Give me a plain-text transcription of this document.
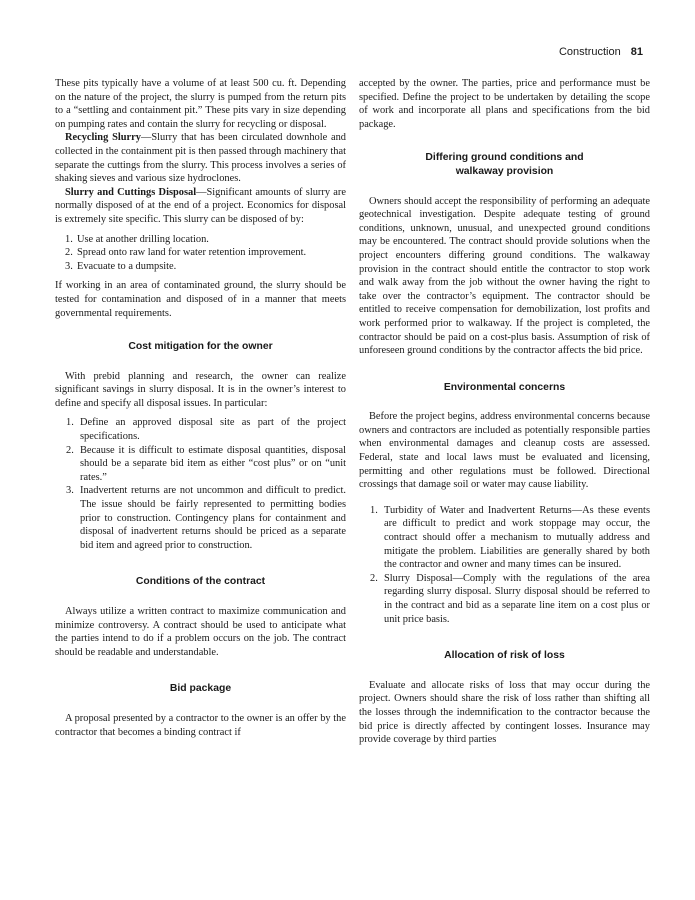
Construction 81

These pits typically have a volume of at least 500 cu. ft. Depending on the nature of the project, the slurry is pumped from the return pits to a “settling and containment pit.” These pits vary in size depending on pumping rates and contain the slurry for recycling or disposal.

Recycling Slurry—Slurry that has been circulated downhole and collected in the containment pit is then passed through machinery that separate the cuttings from the slurry. This process involves a series of shaking sieves and various size hydroclones.

Slurry and Cuttings Disposal—Significant amounts of slurry are normally disposed of at the end of a project. Economics for disposal is extremely site specific. This slurry can be disposed of by:

1. Use at another drilling location.
2. Spread onto raw land for water retention improvement.
3. Evacuate to a dumpsite.

If working in an area of contaminated ground, the slurry should be tested for contamination and disposed of in a manner that meets governmental requirements.

Cost mitigation for the owner

With prebid planning and research, the owner can realize significant savings in slurry disposal. It is in the owner’s interest to define and specify all disposal issues. In particular:

1. Define an approved disposal site as part of the project specifications.
2. Because it is difficult to estimate disposal quantities, disposal should be a separate bid item as either “cost plus” or on “unit rates.”
3. Inadvertent returns are not uncommon and difficult to predict. The issue should be fairly represented to permitting bodies prior to construction. Contingency plans for containment and disposal of inadvertent returns should be priced as a separate bid item and agreed prior to construction.
Conditions of the contract

Always utilize a written contract to maximize communication and minimize controversy. A contract should be used to anticipate what the parties intend to do if a problem occurs on the job. The contract should be readable and understandable.

Bid package

A proposal presented by a contractor to the owner is an offer by the contractor that becomes a binding contract if

accepted by the owner. The parties, price and performance must be specified. Define the project to be undertaken by detailing the scope of work and incorporate all plans and specifications from the bid package.

Differing ground conditions and
walkaway provision

Owners should accept the responsibility of performing an adequate geotechnical investigation. Despite adequate testing of ground conditions, unknown, unusual, and unexpected ground conditions may be encountered. The contract should provide solutions when the project encounters differing ground conditions. The walkaway provision in the contract should entitle the contractor to stop work and walk away from the job without the owner having the right to take over the contractor’s equipment. The contractor should be entitled to receive compensation for demobilization, lost profits and work performed prior to walkaway. If the project is completed, the contractor should be paid on a cost-plus basis. Assumption of risk of unforeseen ground conditions by the contractor affects the bid price.

Environmental concerns

Before the project begins, address environmental concerns because owners and contractors are included as potentially responsible parties when environmental damages and cleanup costs are assessed. Federal, state and local laws must be evaluated and licensing, permitting and other regulations must be followed. Directional crossings that damage soil or water may cause liability.

1. Turbidity of Water and Inadvertent Returns—As these events are difficult to predict and work stoppage may occur, the contract should offer a mechanism to mutually address and mitigate the problem. Liabilities are generally shared by both the contractor and owner and many times can be insured.
2. Slurry Disposal—Comply with the regulations of the area regarding slurry disposal. Slurry disposal should be referred to in the contract and bid as a separate line item on a cost plus or unit price basis.
Allocation of risk of loss

Evaluate and allocate risks of loss that may occur during the project. Owners should share the risk of loss rather than shifting all the losses through the indemnification to the contractor because the bid price is directly affected by contingent losses. Insurance may provide coverage by third parties
